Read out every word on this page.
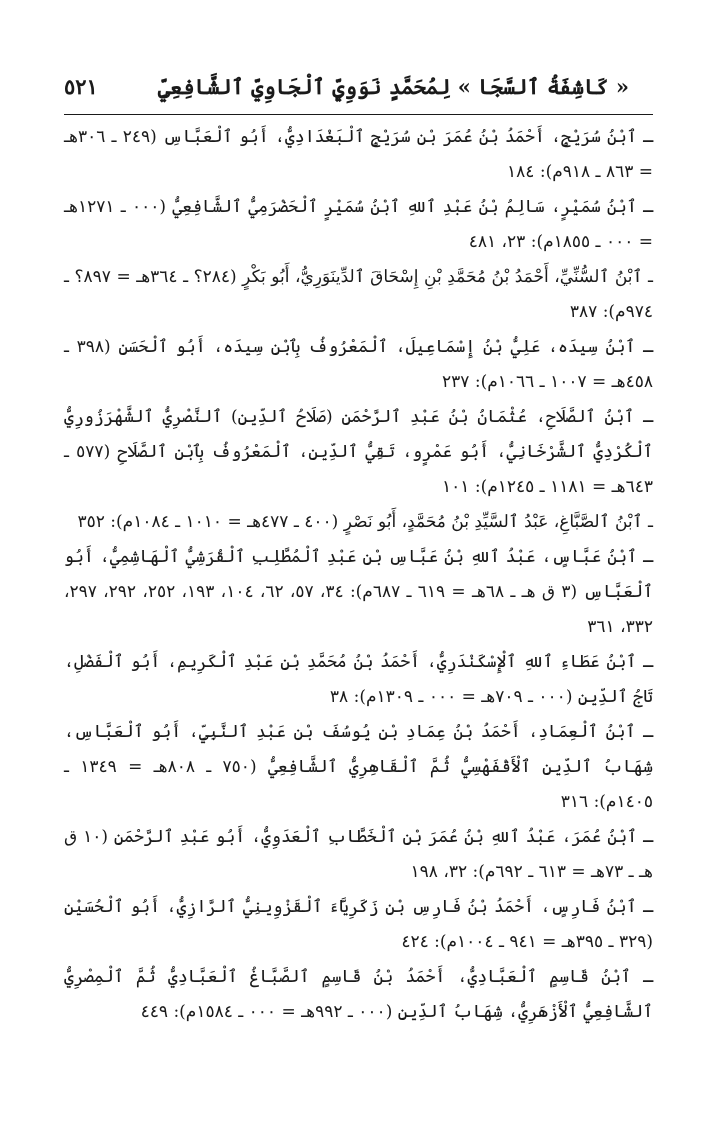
« كَاشِفَةُ ٱلسَّجَا » لِمُحَمَّدٍ نَوَوِيٍّ ٱلْجَاوِيِّ ٱلشَّافِعِيِّ
٥٢١

ـ ٱبْنُ سُرَيْجٍ، أَحْمَدُ بْنُ عُمَرَ بْنِ سُرَيْجٍ ٱلْبَغْدَادِيُّ، أَبُو ٱلْعَبَّاسِ (٢٤٩ ـ ٣٠٦هـ = ٨٦٣ ـ ٩١٨م): ١٨٤

ـ ٱبْنُ سُمَيْرٍ، سَالِمُ بْنُ عَبْدِ ٱللهِ ٱبْنُ سُمَيْرٍ ٱلْحَضْرَمِيُّ ٱلشَّافِعِيُّ (٠٠٠ ـ ١٢٧١هـ = ٠٠٠ ـ ١٨٥٥م): ٢٣، ٤٨١

ـ ٱبْنُ ٱلسُّنِّيِّ، أَحْمَدُ بْنُ مُحَمَّدِ بْنِ إِسْحَاقَ ٱلدِّينَوَرِيُّ، أَبُو بَكْرٍ (٢٨٤؟ ـ ٣٦٤هـ = ٨٩٧؟ ـ ٩٧٤م): ٣٨٧

ـ ٱبْنُ سِيدَه، عَلِيُّ بْنُ إِسْمَاعِيلَ، ٱلْمَعْرُوفُ بِٱبْنِ سِيدَه، أَبُو ٱلْحَسَنِ (٣٩٨ ـ ٤٥٨هـ = ١٠٠٧ ـ ١٠٦٦م): ٢٣٧

ـ ٱبْنُ ٱلصَّلَاحِ، عُثْمَانُ بْنُ عَبْدِ ٱلرَّحْمَنِ (صَلَاحُ ٱلدِّينِ) ٱلنَّصْرِيُّ ٱلشَّهْرَزُورِيُّ ٱلْكُرْدِيُّ ٱلشَّرْخَانِيُّ، أَبُو عَمْرٍو، تَقِيُّ ٱلدِّينِ، ٱلْمَعْرُوفُ بِٱبْنِ ٱلصَّلَاحِ (٥٧٧ ـ ٦٤٣هـ = ١١٨١ ـ ١٢٤٥م): ١٠١

ـ ٱبْنُ ٱلصَّبَّاغِ، عَبْدُ ٱلسَّيِّدِ بْنُ مُحَمَّدٍ، أَبُو نَصْرٍ (٤٠٠ ـ ٤٧٧هـ = ١٠١٠ ـ ١٠٨٤م): ٣٥٢

ـ ٱبْنُ عَبَّاسٍ، عَبْدُ ٱللهِ بْنُ عَبَّاسِ بْنِ عَبْدِ ٱلْمُطَّلِبِ ٱلْقُرَشِيُّ ٱلْهَاشِمِيُّ، أَبُو ٱلْعَبَّاسِ (٣ ق هـ ـ ٦٨هـ = ٦١٩ ـ ٦٨٧م): ٣٤، ٥٧، ٦٢، ١٠٤، ١٩٣، ٢٥٢، ٢٩٢، ٢٩٧، ٣٣٢، ٣٦١

ـ ٱبْنُ عَطَاءِ ٱللهِ ٱلْإِسْكَنْدَرِيُّ، أَحْمَدُ بْنُ مُحَمَّدِ بْنِ عَبْدِ ٱلْكَرِيمِ، أَبُو ٱلْفَضْلِ، تَاجُ ٱلدِّينِ (٠٠٠ ـ ٧٠٩هـ = ٠٠٠ ـ ١٣٠٩م): ٣٨

ـ ٱبْنُ ٱلْعِمَادِ، أَحْمَدُ بْنُ عِمَادِ بْنِ يُوسُفَ بْنِ عَبْدِ ٱلنَّبِيِّ، أَبُو ٱلْعَبَّاسِ، شِهَابُ ٱلدِّينِ ٱلْأَقْفَهْسِيُّ ثُمَّ ٱلْقَاهِرِيُّ ٱلشَّافِعِيُّ (٧٥٠ ـ ٨٠٨هـ = ١٣٤٩ ـ ١٤٠٥م): ٣١٦

ـ ٱبْنُ عُمَرَ، عَبْدُ ٱللهِ بْنُ عُمَرَ بْنِ ٱلْخَطَّابِ ٱلْعَدَوِيُّ، أَبُو عَبْدِ ٱلرَّحْمَنِ (١٠ ق هـ ـ ٧٣هـ = ٦١٣ ـ ٦٩٢م): ٣٢، ١٩٨

ـ ٱبْنُ فَارِسٍ، أَحْمَدُ بْنُ فَارِسِ بْنِ زَكَرِيَّاءَ ٱلْقَزْوِينِيُّ ٱلرَّازِيُّ، أَبُو ٱلْحُسَيْنِ (٣٢٩ ـ ٣٩٥هـ = ٩٤١ ـ ١٠٠٤م): ٤٢٤

ـ ٱبْنُ قَاسِمٍ ٱلْعَبَّادِيُّ، أَحْمَدُ بْنُ قَاسِمٍ ٱلصَّبَّاغُ ٱلْعَبَّادِيُّ ثُمَّ ٱلْمِصْرِيُّ ٱلشَّافِعِيُّ ٱلْأَزْهَرِيُّ، شِهَابُ ٱلدِّينِ (٠٠٠ ـ ٩٩٢هـ = ٠٠٠ ـ ١٥٨٤م): ٤٤٩
